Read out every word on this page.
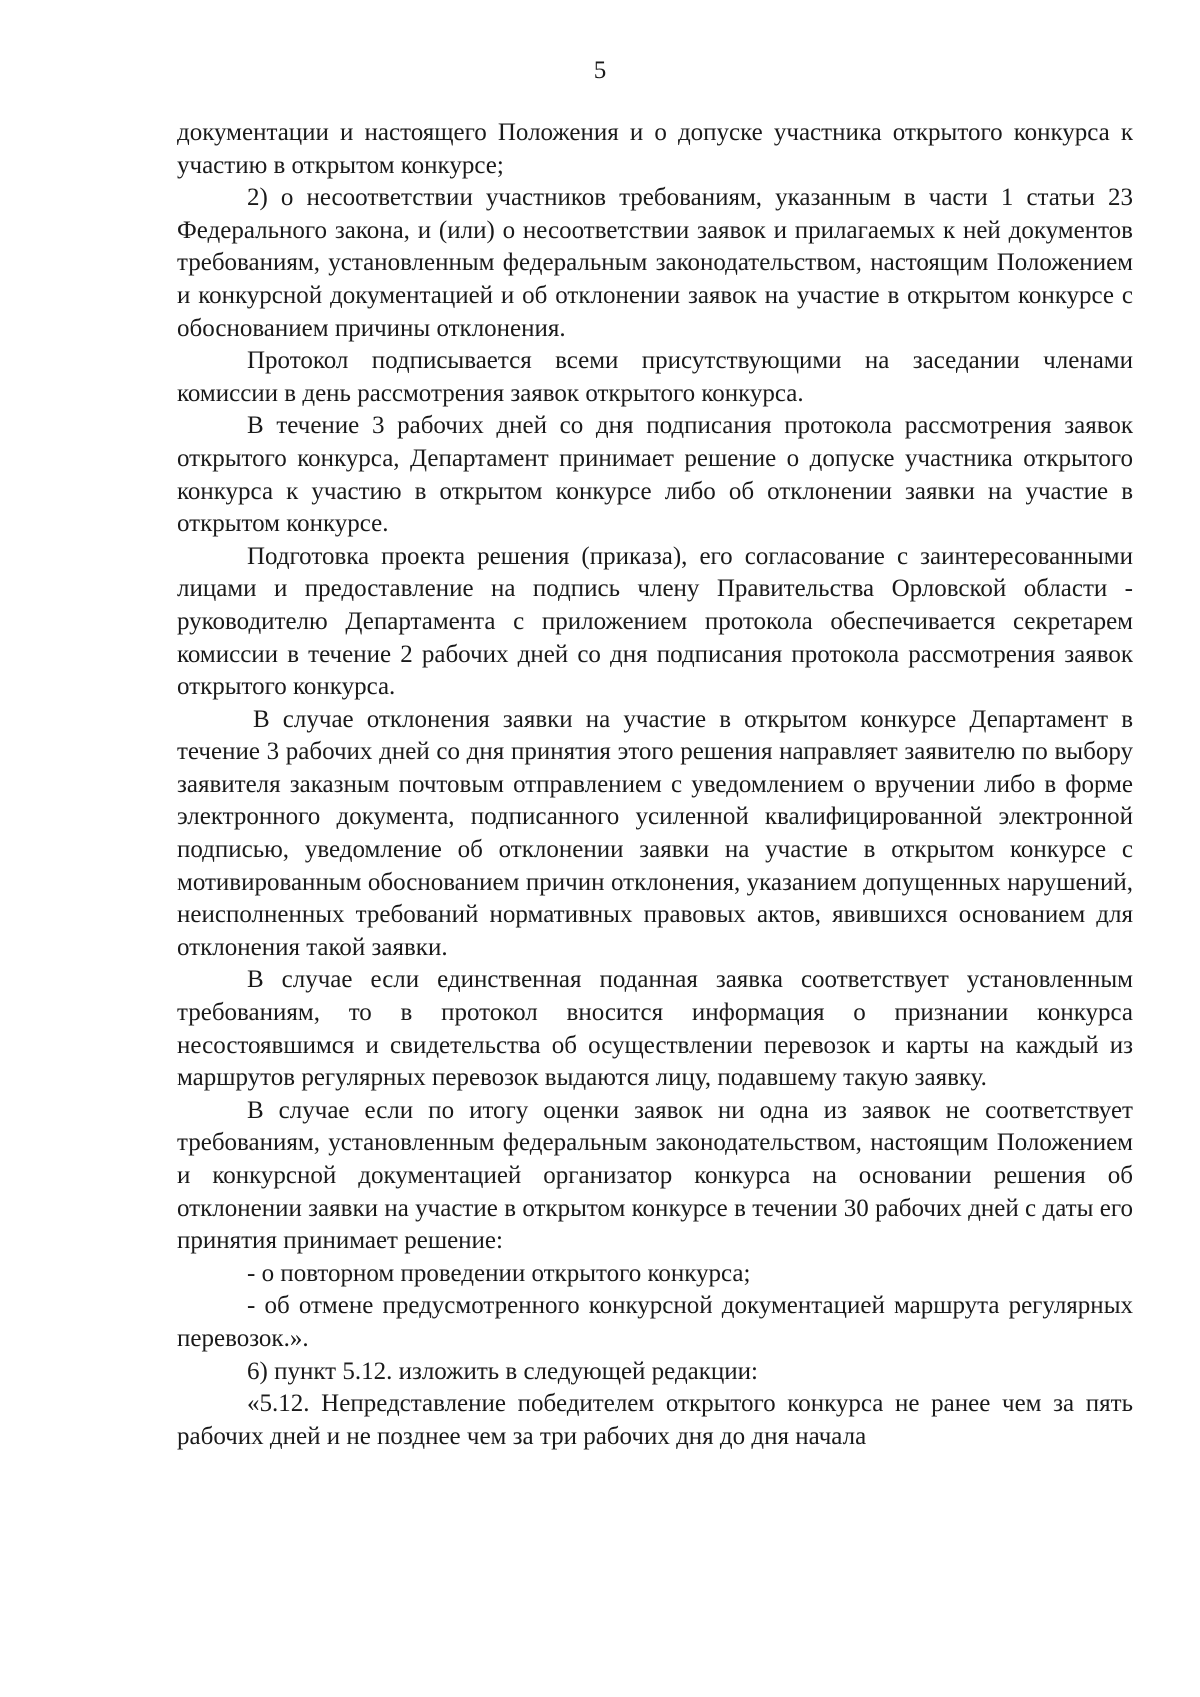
5

документации и настоящего Положения и о допуске участника открытого конкурса к участию в открытом конкурсе;

2) о несоответствии участников требованиям, указанным в части 1 статьи 23 Федерального закона, и (или) о несоответствии заявок и прилагаемых к ней документов требованиям, установленным федеральным законодательством, настоящим Положением и конкурсной документацией и об отклонении заявок на участие в открытом конкурсе с обоснованием причины отклонения.

Протокол подписывается всеми присутствующими на заседании членами комиссии в день рассмотрения заявок открытого конкурса.

В течение 3 рабочих дней со дня подписания протокола рассмотрения заявок открытого конкурса, Департамент принимает решение о допуске участника открытого конкурса к участию в открытом конкурсе либо об отклонении заявки на участие в открытом конкурсе.

Подготовка проекта решения (приказа), его согласование с заинтересованными лицами и предоставление на подпись члену Правительства Орловской области - руководителю Департамента с приложением протокола обеспечивается секретарем комиссии в течение 2 рабочих дней со дня подписания протокола рассмотрения заявок открытого конкурса.

В случае отклонения заявки на участие в открытом конкурсе Департамент в течение 3 рабочих дней со дня принятия этого решения направляет заявителю по выбору заявителя заказным почтовым отправлением с уведомлением о вручении либо в форме электронного документа, подписанного усиленной квалифицированной электронной подписью, уведомление об отклонении заявки на участие в открытом конкурсе с мотивированным обоснованием причин отклонения, указанием допущенных нарушений, неисполненных требований нормативных правовых актов, явившихся основанием для отклонения такой заявки.

В случае если единственная поданная заявка соответствует установленным требованиям, то в протокол вносится информация о признании конкурса несостоявшимся и свидетельства об осуществлении перевозок и карты на каждый из маршрутов регулярных перевозок выдаются лицу, подавшему такую заявку.

В случае если по итогу оценки заявок ни одна из заявок не соответствует требованиям, установленным федеральным законодательством, настоящим Положением и конкурсной документацией организатор конкурса на основании решения об отклонении заявки на участие в открытом конкурсе в течении 30 рабочих дней с даты его принятия принимает решение:

- о повторном проведении открытого конкурса;

- об отмене предусмотренного конкурсной документацией маршрута регулярных перевозок.».

6) пункт 5.12. изложить в следующей редакции:

«5.12. Непредставление победителем открытого конкурса не ранее чем за пять рабочих дней и не позднее чем за три рабочих дня до дня начала
